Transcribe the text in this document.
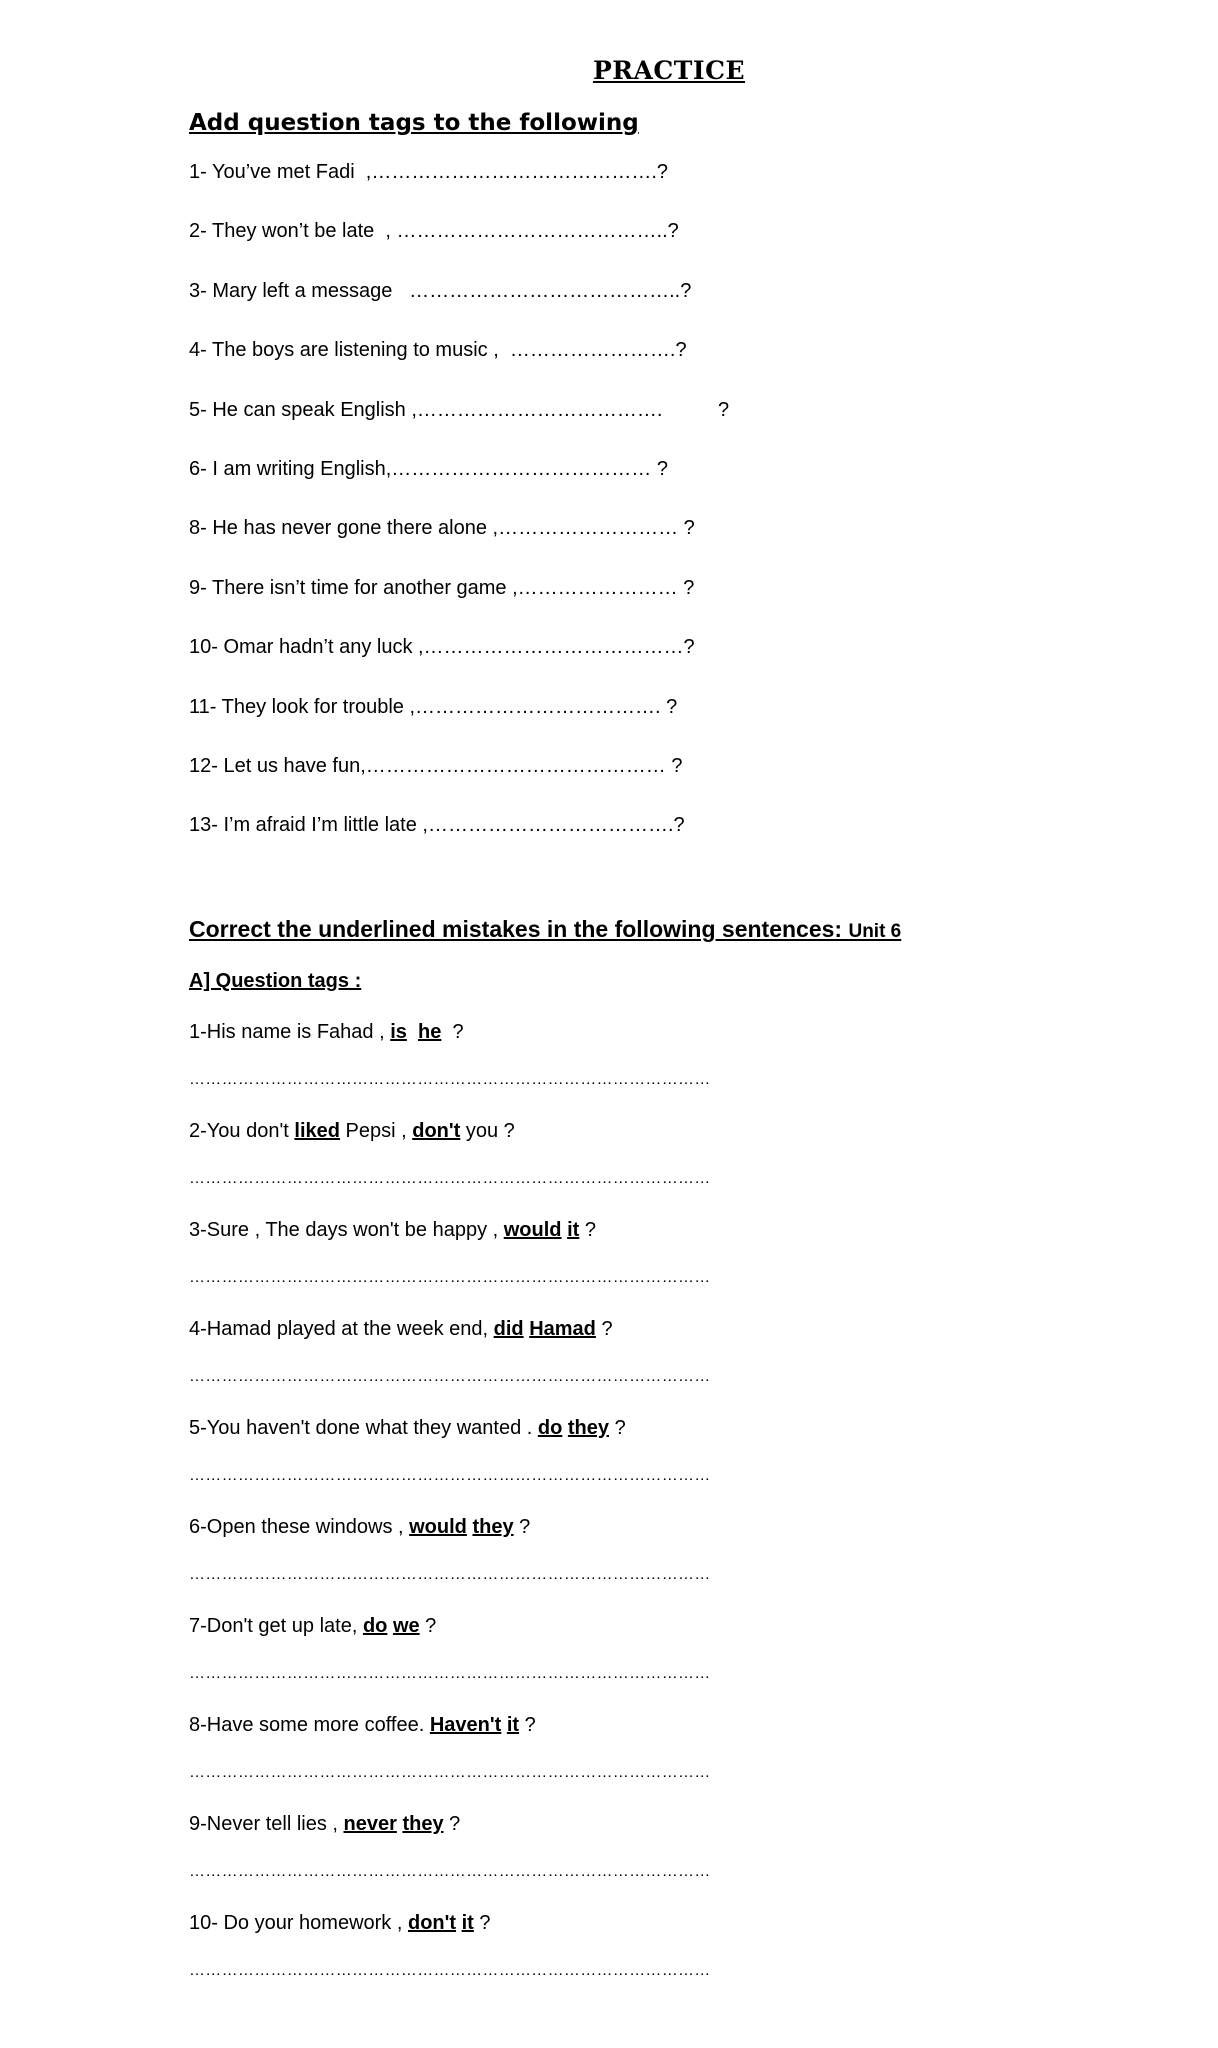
PRACTICE
Add question tags to the following
1- You’ve met Fadi  ,…………………………………….?
2- They won’t be late  , …………………………………..?
3- Mary left a message   …………………………………..?
4- The boys are listening to music ,  …………………….?
5- He can speak English ,……………………………….          ?
6- I am writing English,………………………………… ?
8- He has never gone there alone ,……………………… ?
9- There isn’t time for another game ,…………………… ?
10- Omar hadn’t any luck ,…………………………………?
11- They look for trouble ,………………………………. ?
12- Let us have fun,……………………………………… ?
13- I’m afraid I’m little late ,……………………………….?
Correct the underlined mistakes in the following sentences: Unit 6
A] Question tags :
1-His name is Fahad , is he  ?
……………………………………………………………………………………
2-You don't liked Pepsi , don't you ?
……………………………………………………………………………………
3-Sure , The days won't be happy , would it ?
……………………………………………………………………………………
4-Hamad played at the week end, did Hamad ?
……………………………………………………………………………………
5-You haven't done what they wanted . do they ?
……………………………………………………………………………………
6-Open these windows , would they ?
……………………………………………………………………………………
7-Don't get up late, do we ?
……………………………………………………………………………………
8-Have some more coffee. Haven't it ?
……………………………………………………………………………………
9-Never tell lies , never they ?
……………………………………………………………………………………
10- Do your homework , don't it ?
……………………………………………………………………………………
